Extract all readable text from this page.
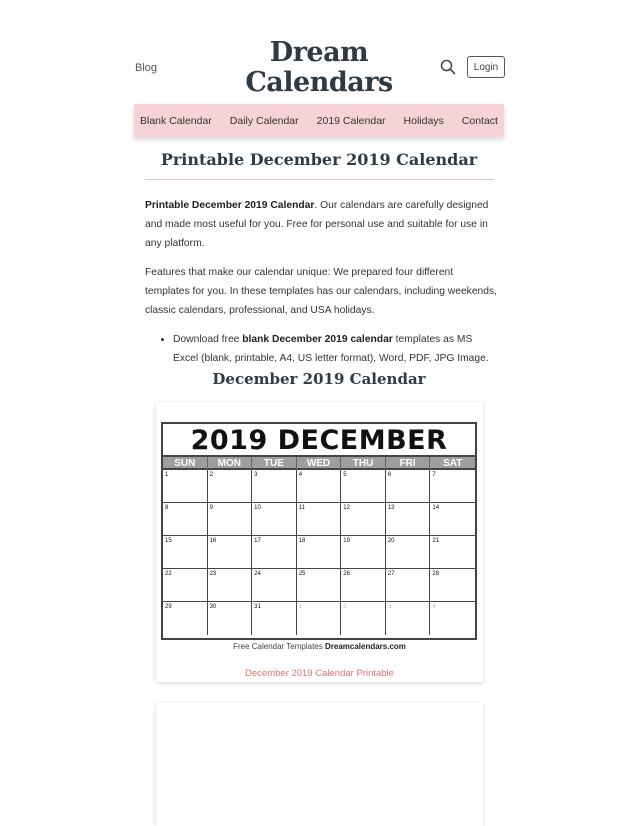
Blog	Dream
Calendars	Login
Blank Calendar Daily Calendar 2019 Calendar Holidays Contact
Printable December 2019 Calendar

Printable December 2019 Calendar. Our calendars are carefully designed and made most useful for you. Free for personal use and suitable for use in any platform.

Features that make our calendar unique: We prepared four different templates for you. In these templates has our calendars, including weekends, classic calendars, professional, and USA holidays.

• Download free blank December 2019 calendar templates as MS Excel (blank, printable, A4, US letter format), Word, PDF, JPG Image.
December 2019 Calendar
2019 DECEMBER
SUN	MON	TUE	WED	THU	FRI	SAT
1	2	3	4	5	6	7
8	9	10	11	12	13	14
15	16	17	18	19	20	21
22	23	24	25	26	27	28
29	30	31	1	2	3	4
Free Calendar Templates Dreamcalendars.com
December 2019 Calendar Printable
